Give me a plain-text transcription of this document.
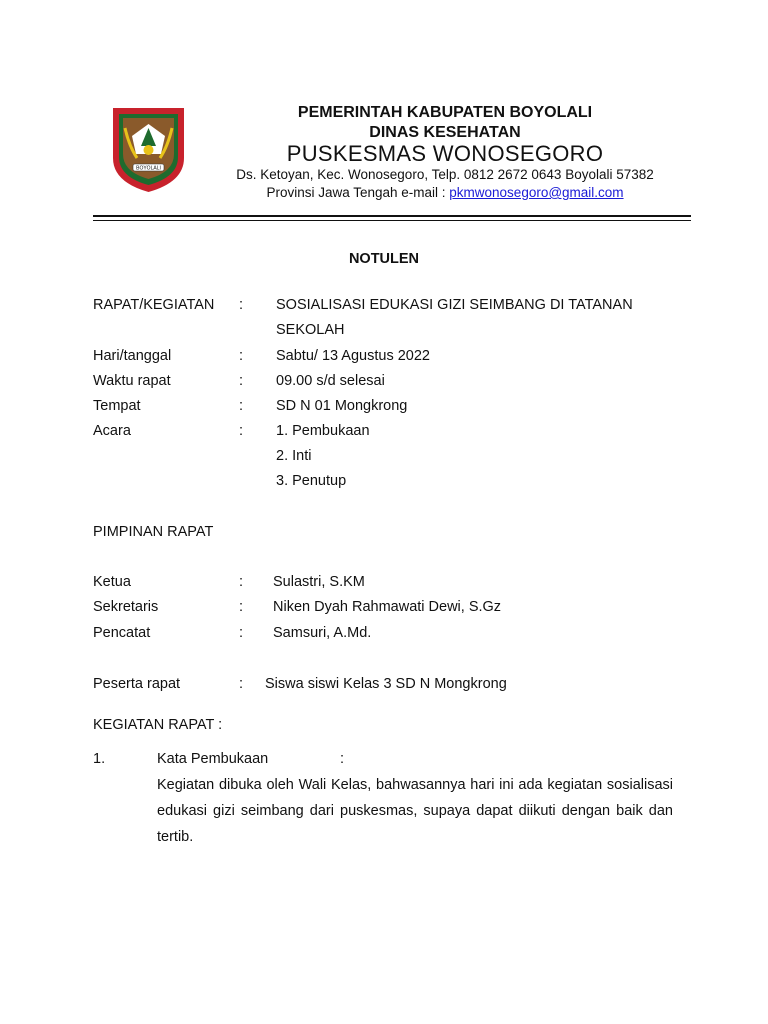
BOYOLALI
PEMERINTAH KABUPATEN BOYOLALI
DINAS KESEHATAN
PUSKESMAS WONOSEGORO
Ds. Ketoyan, Kec. Wonosegoro, Telp. 0812 2672 0643 Boyolali 57382
Provinsi Jawa Tengah e-mail : pkmwonosegoro@gmail.com
NOTULEN
RAPAT/KEGIATAN : SOSIALISASI EDUKASI GIZI SEIMBANG DI TATANAN
SEKOLAH
Hari/tanggal	: Sabtu/ 13 Agustus 2022
Waktu rapat	: 09.00 s/d selesai
Tempat	: SD N 01 Mongkrong
Acara	: 1. Pembukaan
2. Inti
3. Penutup
PIMPINAN RAPAT
Ketua	: Sulastri, S.KM
Sekretaris	: Niken Dyah Rahmawati Dewi, S.Gz
Pencatat	: Samsuri, A.Md.
Peserta rapat	: Siswa siswi Kelas 3 SD N Mongkrong
KEGIATAN RAPAT :
1.	Kata Pembukaan	:
Kegiatan dibuka oleh Wali Kelas, bahwasannya hari ini ada kegiatan sosialisasi edukasi gizi seimbang dari puskesmas, supaya dapat diikuti dengan baik dan tertib.
